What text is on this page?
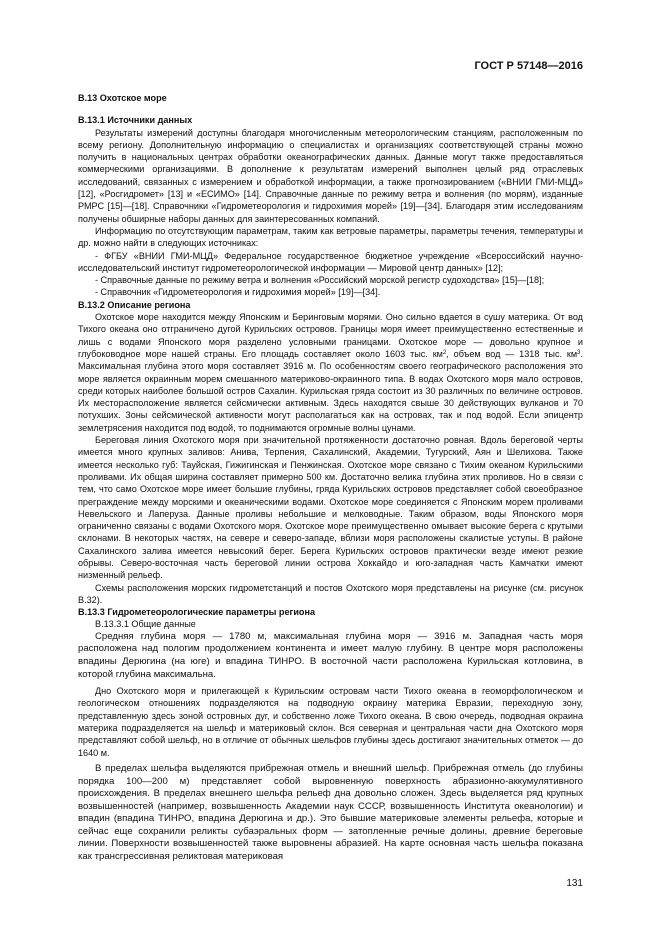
ГОСТ Р 57148—2016

В.13 Охотское море

В.13.1 Источники данных

Результаты измерений доступны благодаря многочисленным метеорологическим станциям, расположенным по всему региону. Дополнительную информацию о специалистах и организациях соответствующей страны можно получить в национальных центрах обработки океанографических данных. Данные могут также предоставляться коммерческими организациями. В дополнение к результатам измерений выполнен целый ряд отраслевых исследований, связанных с измерением и обработкой информации, а также прогнозированием («ВНИИ ГМИ-МЦД» [12], «Росгидромет» [13] и «ЕСИМО» [14]. Справочные данные по режиму ветра и волнения (по морям), изданные РМРС [15]—[18]. Справочники «Гидрометеорология и гидрохимия морей» [19]—[34]. Благодаря этим исследованиям получены обширные наборы данных для заинтересованных компаний.

Информацию по отсутствующим параметрам, таким как ветровые параметры, параметры течения, температуры и др. можно найти в следующих источниках:

- ФГБУ «ВНИИ ГМИ-МЦД» Федеральное государственное бюджетное учреждение «Всероссийский научно-исследовательский институт гидрометеорологической информации — Мировой центр данных» [12];

- Справочные данные по режиму ветра и волнения «Российский морской регистр судоходства» [15]—[18];

- Справочник «Гидрометеорология и гидрохимия морей» [19]—[34].

В.13.2 Описание региона

Охотское море находится между Японским и Беринговым морями. Оно сильно вдается в сушу материка. От вод Тихого океана оно отграничено дугой Курильских островов. Границы моря имеет преимущественно естественные и лишь с водами Японского моря разделено условными границами. Охотское море — довольно крупное и глубоководное море нашей страны. Его площадь составляет около 1603 тыс. $км^2$, объем вод — 1318 тыс. $км^3$. Максимальная глубина этого моря составляет 3916 м. По особенностям своего географического расположения это море является окраинным морем смешанного материково-окраинного типа. В водах Охотского моря мало островов, среди которых наиболее большой остров Сахалин. Курильская гряда состоит из 30 различных по величине островов. Их месторасположение является сейсмически активным. Здесь находятся свыше 30 действующих вулканов и 70 потухших. Зоны сейсмической активности могут располагаться как на островах, так и под водой. Если эпицентр землетрясения находится под водой, то поднимаются огромные волны цунами.

Береговая линия Охотского моря при значительной протяженности достаточно ровная. Вдоль береговой черты имеется много крупных заливов: Анива, Терпения, Сахалинский, Академии, Тугурский, Аян и Шелихова. Также имеется несколько губ: Тауйская, Гижигинская и Пенжинская. Охотское море связано с Тихим океаном Курильскими проливами. Их общая ширина составляет примерно 500 км. Достаточно велика глубина этих проливов. Но в связи с тем, что само Охотское море имеет большие глубины, гряда Курильских островов представляет собой своеобразное преграждение между морскими и океаническими водами. Охотское море соединяется с Японским морем проливами Невельского и Лаперуза. Данные проливы небольшие и мелководные. Таким образом, воды Японского моря ограниченно связаны с водами Охотского моря. Охотское море преимущественно омывает высокие берега с крутыми склонами. В некоторых частях, на севере и северо-западе, вблизи моря расположены скалистые уступы. В районе Сахалинского залива имеется невысокий берег. Берега Курильских островов практически везде имеют резкие обрывы. Северо-восточная часть береговой линии острова Хоккайдо и юго-западная часть Камчатки имеют низменный рельеф.

Схемы расположения морских гидрометстанций и постов Охотского моря представлены на рисунке (см. рисунок В.32).

В.13.3 Гидрометеорологические параметры региона

В.13.3.1 Общие данные

Средняя глубина моря — 1780 м, максимальная глубина моря — 3916 м. Западная часть моря расположена над пологим продолжением континента и имеет малую глубину. В центре моря расположены впадины Дерюгина (на юге) и впадина ТИНРО. В восточной части расположена Курильская котловина, в которой глубина максимальна.

Дно Охотского моря и прилегающей к Курильским островам части Тихого океана в геоморфологическом и геологическом отношениях подразделяются на подводную окраину материка Евразии, переходную зону, представленную здесь зоной островных дуг, и собственно ложе Тихого океана. В свою очередь, подводная окраина материка подразделяется на шельф и материковый склон. Вся северная и центральная части дна Охотского моря представляют собой шельф, но в отличие от обычных шельфов глубины здесь достигают значительных отметок — до 1640 м.

В пределах шельфа выделяются прибрежная отмель и внешний шельф. Прибрежная отмель (до глубины порядка 100—200 м) представляет собой выровненную поверхность абразионно-аккумулятивного происхождения. В пределах внешнего шельфа рельеф дна довольно сложен. Здесь выделяется ряд крупных возвышенностей (например, возвышенность Академии наук СССР, возвышенность Института океанологии) и впадин (впадина ТИНРО, впадина Дерюгина и др.). Это бывшие материковые элементы рельефа, которые и сейчас еще сохранили реликты субаэральных форм — затопленные речные долины, древние береговые линии. Поверхности возвышенностей также выровнены абразией. На карте основная часть шельфа показана как трансгрессивная реликтовая материковая

131
